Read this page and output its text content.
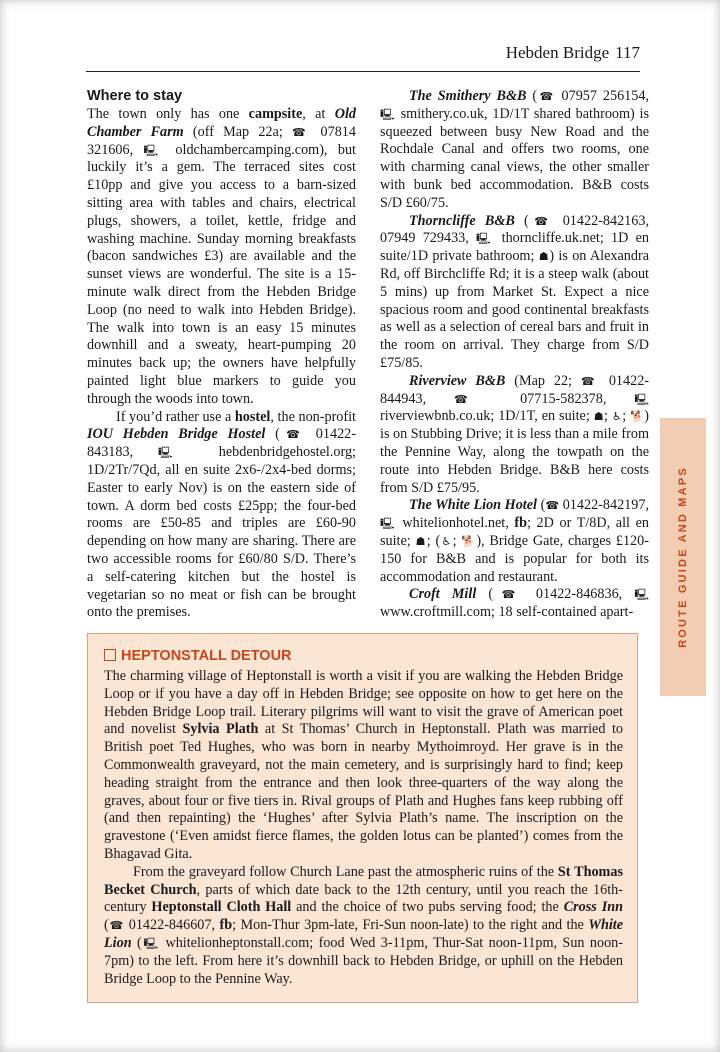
Hebden Bridge 117
Where to stay

The town only has one campsite, at Old Chamber Farm (off Map 22a; ☎ 07814 321606, 🖳 oldchambercamping.com), but luckily it’s a gem. The terraced sites cost £10pp and give you access to a barn-sized sitting area with tables and chairs, electrical plugs, showers, a toilet, kettle, fridge and washing machine. Sunday morning breakfasts (bacon sandwiches £3) are available and the sunset views are wonderful. The site is a 15-minute walk direct from the Hebden Bridge Loop (no need to walk into Hebden Bridge). The walk into town is an easy 15 minutes downhill and a sweaty, heart-pumping 20 minutes back up; the owners have helpfully painted light blue markers to guide you through the woods into town.

If you’d rather use a hostel, the non-profit IOU Hebden Bridge Hostel (☎ 01422-843183, 🖳 hebdenbridgehostel.org; 1D/2Tr/7Qd, all en suite 2x6-/2x4-bed dorms; Easter to early Nov) is on the eastern side of town. A dorm bed costs £25pp; the four-bed rooms are £50-85 and triples are £60-90 depending on how many are sharing. There are two accessible rooms for £60/80 S/D. There’s a self-catering kitchen but the hostel is vegetarian so no meat or fish can be brought onto the premises.

The Smithery B&B (☎ 07957 256154, 🖳 smithery.co.uk, 1D/1T shared bathroom) is squeezed between busy New Road and the Rochdale Canal and offers two rooms, one with charming canal views, the other smaller with bunk bed accommodation. B&B costs S/D £60/75.

Thorncliffe B&B (☎ 01422-842163, 07949 729433, 🖳 thorncliffe.uk.net; 1D en suite/1D private bathroom; ☗) is on Alexandra Rd, off Birchcliffe Rd; it is a steep walk (about 5 mins) up from Market St. Expect a nice spacious room and good continental breakfasts as well as a selection of cereal bars and fruit in the room on arrival. They charge from S/D £75/85.

Riverview B&B (Map 22; ☎ 01422-844943, ☎ 07715-582378, 🖳 riverviewbnb.co.uk; 1D/1T, en suite; ☗; ♿; 🐕) is on Stubbing Drive; it is less than a mile from the Pennine Way, along the towpath on the route into Hebden Bridge. B&B here costs from S/D £75/95.

The White Lion Hotel (☎ 01422-842197, 🖳 whitelionhotel.net, fb; 2D or T/8D, all en suite; ☗; (♿; 🐕), Bridge Gate, charges £120-150 for B&B and is popular for both its accommodation and restaurant.

Croft Mill (☎ 01422-846836, 🖳 www.croftmill.com; 18 self-contained apart-	ROUTE GUIDE AND MAPS
HEPTONSTALL DETOUR

The charming village of Heptonstall is worth a visit if you are walking the Hebden Bridge Loop or if you have a day off in Hebden Bridge; see opposite on how to get here on the Hebden Bridge Loop trail. Literary pilgrims will want to visit the grave of American poet and novelist Sylvia Plath at St Thomas’ Church in Heptonstall. Plath was married to British poet Ted Hughes, who was born in nearby Mythoimroyd. Her grave is in the Commonwealth graveyard, not the main cemetery, and is surprisingly hard to find; keep heading straight from the entrance and then look three-quarters of the way along the graves, about four or five tiers in. Rival groups of Plath and Hughes fans keep rubbing off (and then repainting) the ‘Hughes’ after Sylvia Plath’s name. The inscription on the gravestone (‘Even amidst fierce flames, the golden lotus can be planted’) comes from the Bhagavad Gita.

From the graveyard follow Church Lane past the atmospheric ruins of the St Thomas Becket Church, parts of which date back to the 12th century, until you reach the 16th-century Heptonstall Cloth Hall and the choice of two pubs serving food; the Cross Inn (☎ 01422-846607, fb; Mon-Thur 3pm-late, Fri-Sun noon-late) to the right and the White Lion (🖳 whitelionheptonstall.com; food Wed 3-11pm, Thur-Sat noon-11pm, Sun noon-7pm) to the left. From here it’s downhill back to Hebden Bridge, or uphill on the Hebden Bridge Loop to the Pennine Way.
